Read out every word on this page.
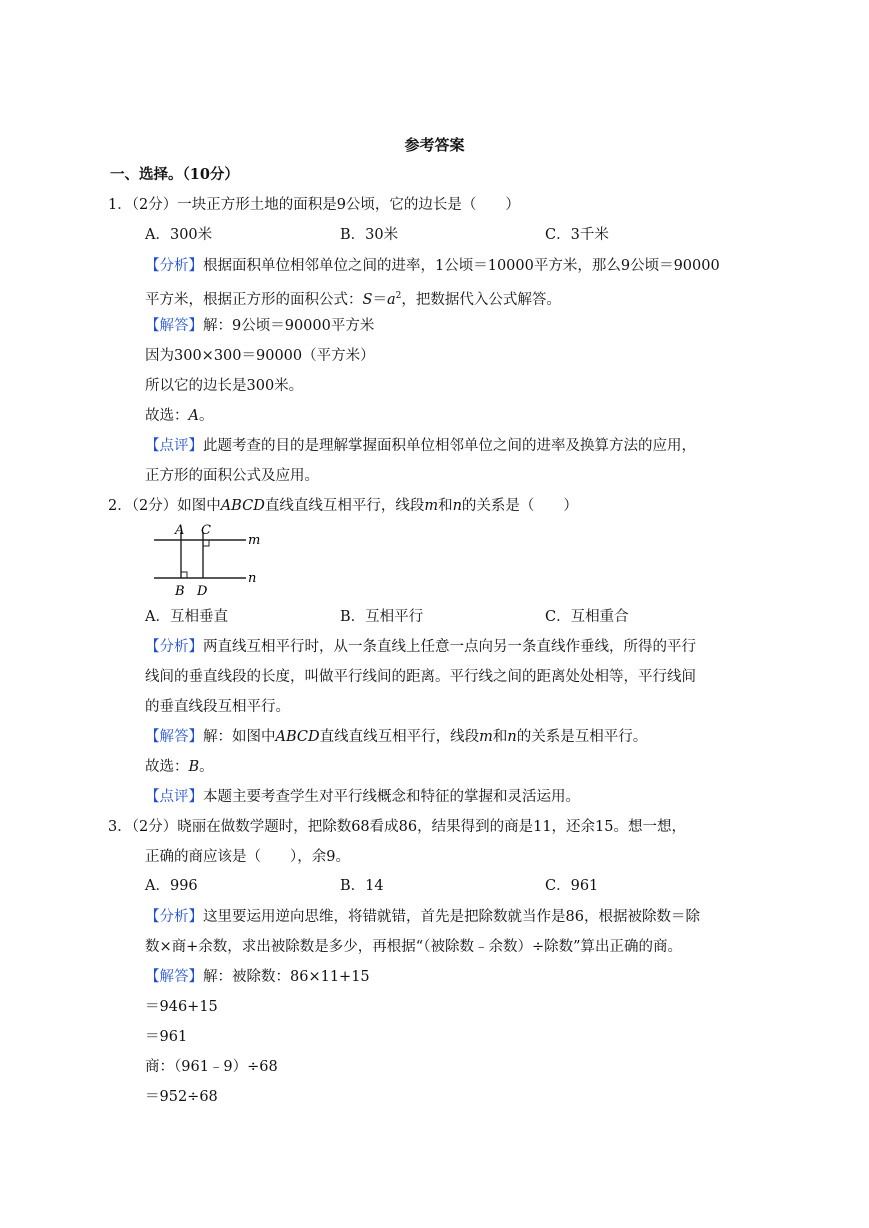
参考答案
一、选择。（10分）
1．（2分）一块正方形土地的面积是9公顷，它的边长是（　　）
A．300米	B．30米	C．3千米
【分析】根据面积单位相邻单位之间的进率，1公顷＝10000平方米，那么9公顷＝90000
平方米，根据正方形的面积公式：$S=a^2$，把数据代入公式解答。
【解答】解：9公顷＝90000平方米
因为300×300＝90000（平方米）
所以它的边长是300米。
故选：A。
【点评】此题考查的目的是理解掌握面积单位相邻单位之间的进率及换算方法的应用，
正方形的面积公式及应用。
2．（2分）如图中ABCD直线直线互相平行，线段m和n的关系是（　　）
A C
B D
m
n
A．互相垂直	B．互相平行	C．互相重合
【分析】两直线互相平行时，从一条直线上任意一点向另一条直线作垂线，所得的平行
线间的垂直线段的长度，叫做平行线间的距离。平行线之间的距离处处相等，平行线间
的垂直线段互相平行。
【解答】解：如图中ABCD直线直线互相平行，线段m和n的关系是互相平行。
故选：B。
【点评】本题主要考查学生对平行线概念和特征的掌握和灵活运用。
3．（2分）晓丽在做数学题时，把除数68看成86，结果得到的商是11，还余15。想一想，
正确的商应该是（　　），余9。
A．996	B．14	C．961
【分析】这里要运用逆向思维，将错就错，首先是把除数就当作是86，根据被除数＝除
数×商+余数，求出被除数是多少，再根据“（被除数﹣余数）÷除数”算出正确的商。
【解答】解：被除数：86×11+15
＝946+15
＝961
商：（961﹣9）÷68
＝952÷68
